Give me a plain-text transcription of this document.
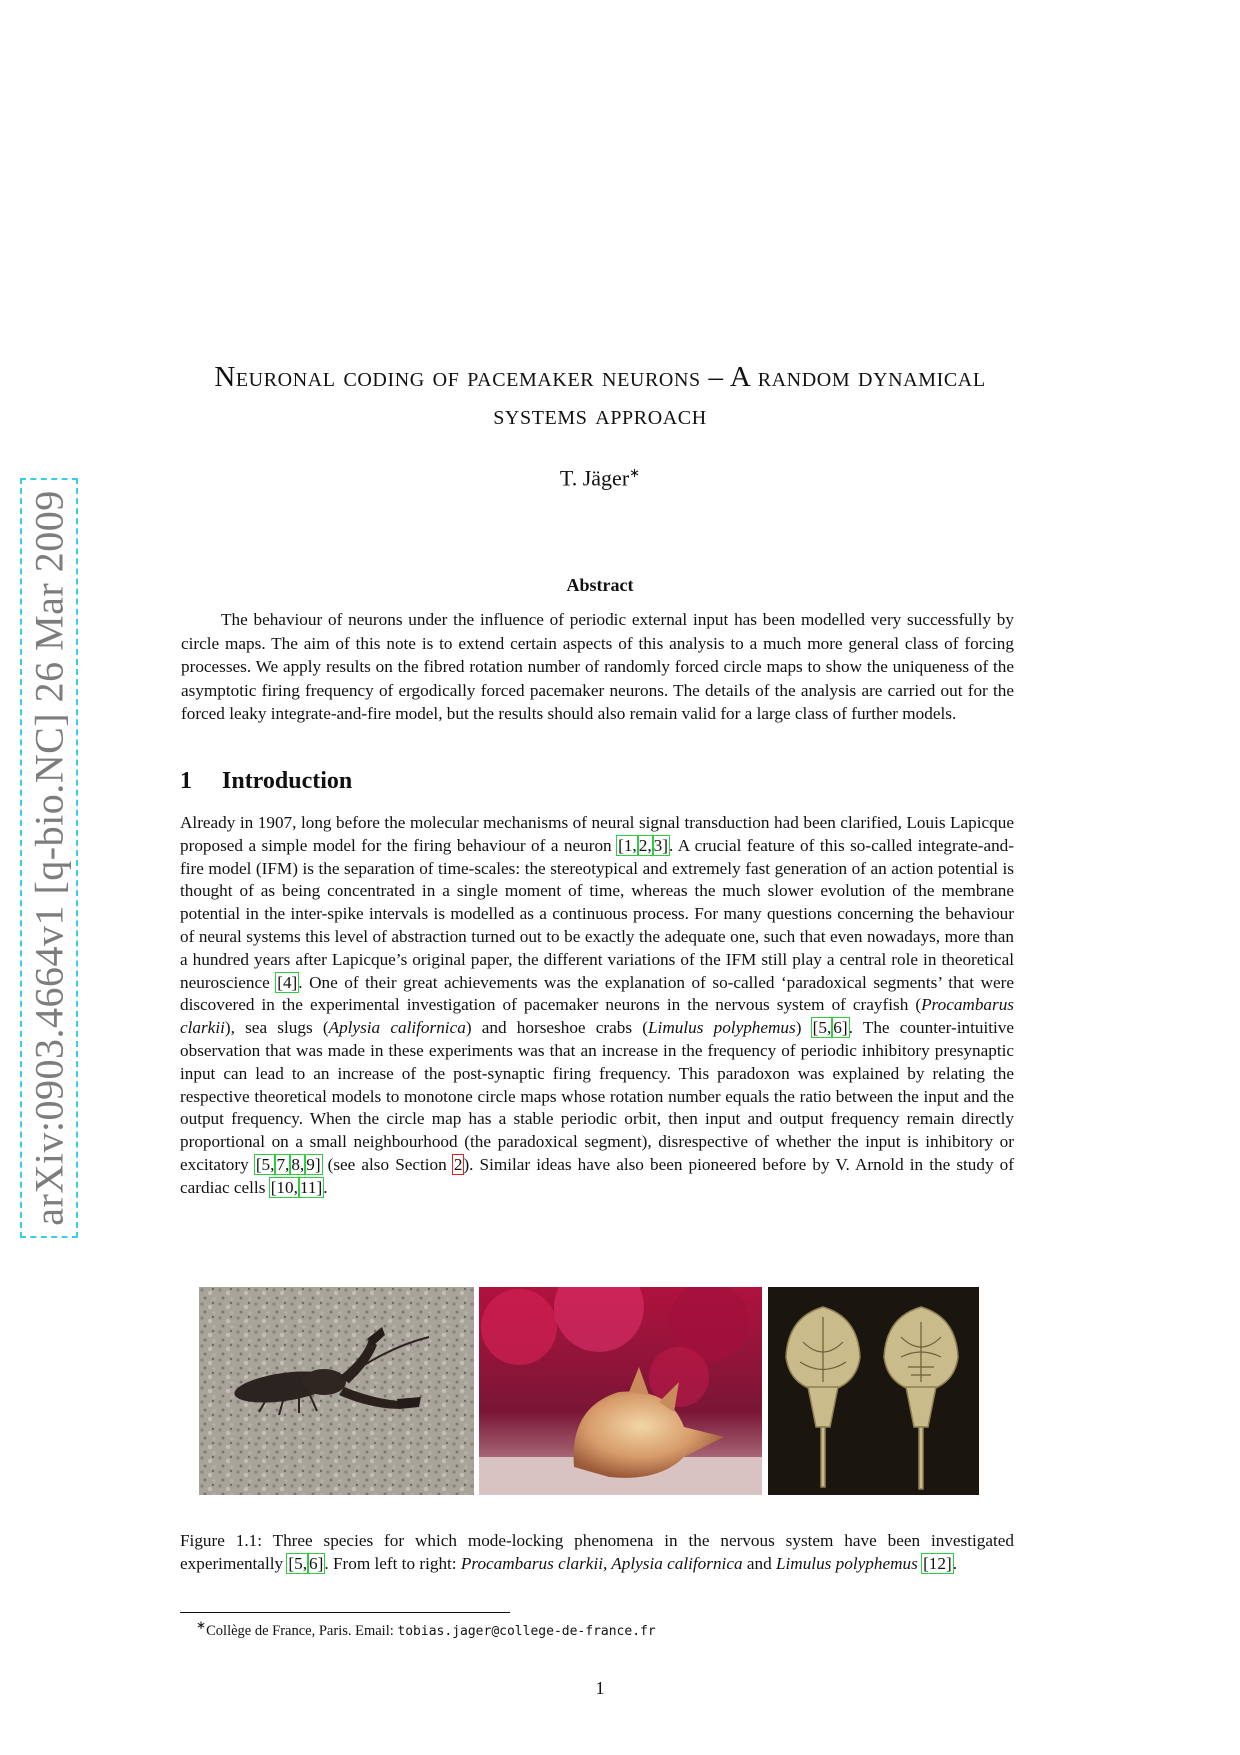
arXiv:0903.4664v1 [q-bio.NC] 26 Mar 2009
Neuronal coding of pacemaker neurons – A random dynamical systems approach
T. Jäger∗
Abstract
The behaviour of neurons under the influence of periodic external input has been modelled very successfully by circle maps. The aim of this note is to extend certain aspects of this analysis to a much more general class of forcing processes. We apply results on the fibred rotation number of randomly forced circle maps to show the uniqueness of the asymptotic firing frequency of ergodically forced pacemaker neurons. The details of the analysis are carried out for the forced leaky integrate-and-fire model, but the results should also remain valid for a large class of further models.
1 Introduction
Already in 1907, long before the molecular mechanisms of neural signal transduction had been clarified, Louis Lapicque proposed a simple model for the firing behaviour of a neuron [1, 2, 3]. A crucial feature of this so-called integrate-and-fire model (IFM) is the separation of time-scales: the stereotypical and extremely fast generation of an action potential is thought of as being concentrated in a single moment of time, whereas the much slower evolution of the membrane potential in the inter-spike intervals is modelled as a continuous process. For many questions concerning the behaviour of neural systems this level of abstraction turned out to be exactly the adequate one, such that even nowadays, more than a hundred years after Lapicque’s original paper, the different variations of the IFM still play a central role in theoretical neuroscience [4]. One of their great achievements was the explanation of so-called ‘paradoxical segments’ that were discovered in the experimental investigation of pacemaker neurons in the nervous system of crayfish (Procambarus clarkii), sea slugs (Aplysia californica) and horseshoe crabs (Limulus polyphemus) [5, 6]. The counter-intuitive observation that was made in these experiments was that an increase in the frequency of periodic inhibitory presynaptic input can lead to an increase of the post-synaptic firing frequency. This paradoxon was explained by relating the respective theoretical models to monotone circle maps whose rotation number equals the ratio between the input and the output frequency. When the circle map has a stable periodic orbit, then input and output frequency remain directly proportional on a small neighbourhood (the paradoxical segment), disrespective of whether the input is inhibitory or excitatory [5, 7, 8, 9] (see also Section 2). Similar ideas have also been pioneered before by V. Arnold in the study of cardiac cells [10, 11].
Figure 1.1: Three species for which mode-locking phenomena in the nervous system have been investigated experimentally [5, 6]. From left to right: Procambarus clarkii, Aplysia californica and Limulus polyphemus [12].
∗Collège de France, Paris. Email: tobias.jager@college-de-france.fr
1
